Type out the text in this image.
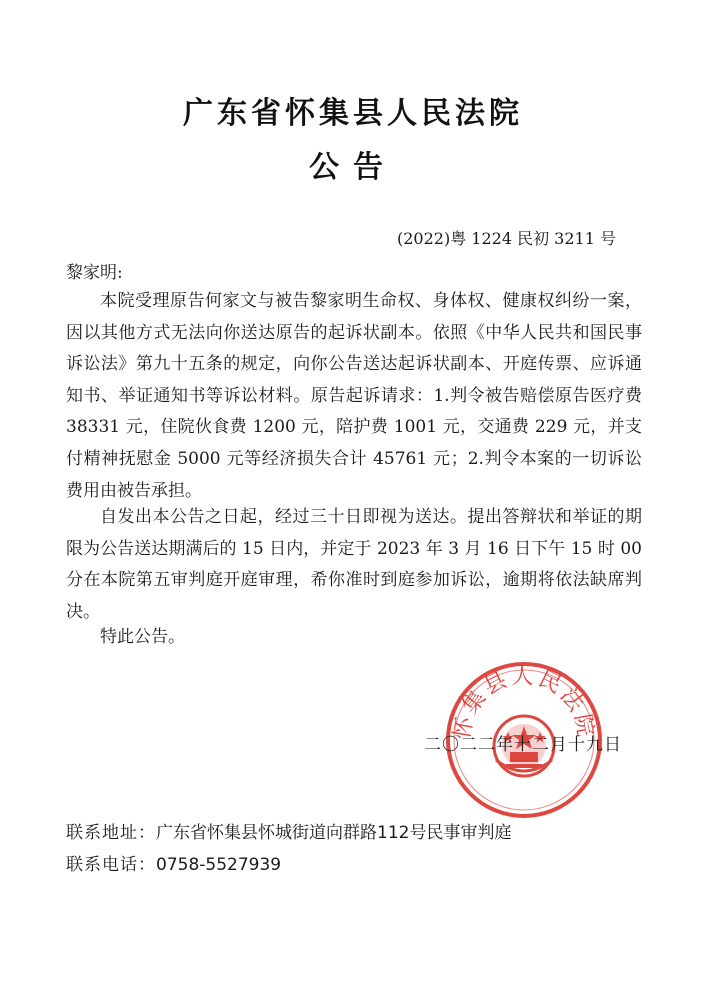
广东省怀集县人民法院
公告
(2022)粤 1224 民初 3211 号
黎家明:

本院受理原告何家文与被告黎家明生命权、身体权、健康权纠纷一案，因以其他方式无法向你送达原告的起诉状副本。依照《中华人民共和国民事诉讼法》第九十五条的规定，向你公告送达起诉状副本、开庭传票、应诉通知书、举证通知书等诉讼材料。原告起诉请求：1.判令被告赔偿原告医疗费 38331 元，住院伙食费 1200 元，陪护费 1001 元，交通费 229 元，并支付精神抚慰金 5000 元等经济损失合计 45761 元；2.判令本案的一切诉讼费用由被告承担。

自发出本公告之日起，经过三十日即视为送达。提出答辩状和举证的期限为公告送达期满后的 15 日内，并定于 2023 年 3 月 16 日下午 15 时 00 分在本院第五审判庭开庭审理，希你准时到庭参加诉讼，逾期将依法缺席判决。

特此公告。

怀集县人民法院
二〇二二年十二月十九日
联系地址：广东省怀集县怀城街道向群路112号民事审判庭
联系电话：0758-5527939
